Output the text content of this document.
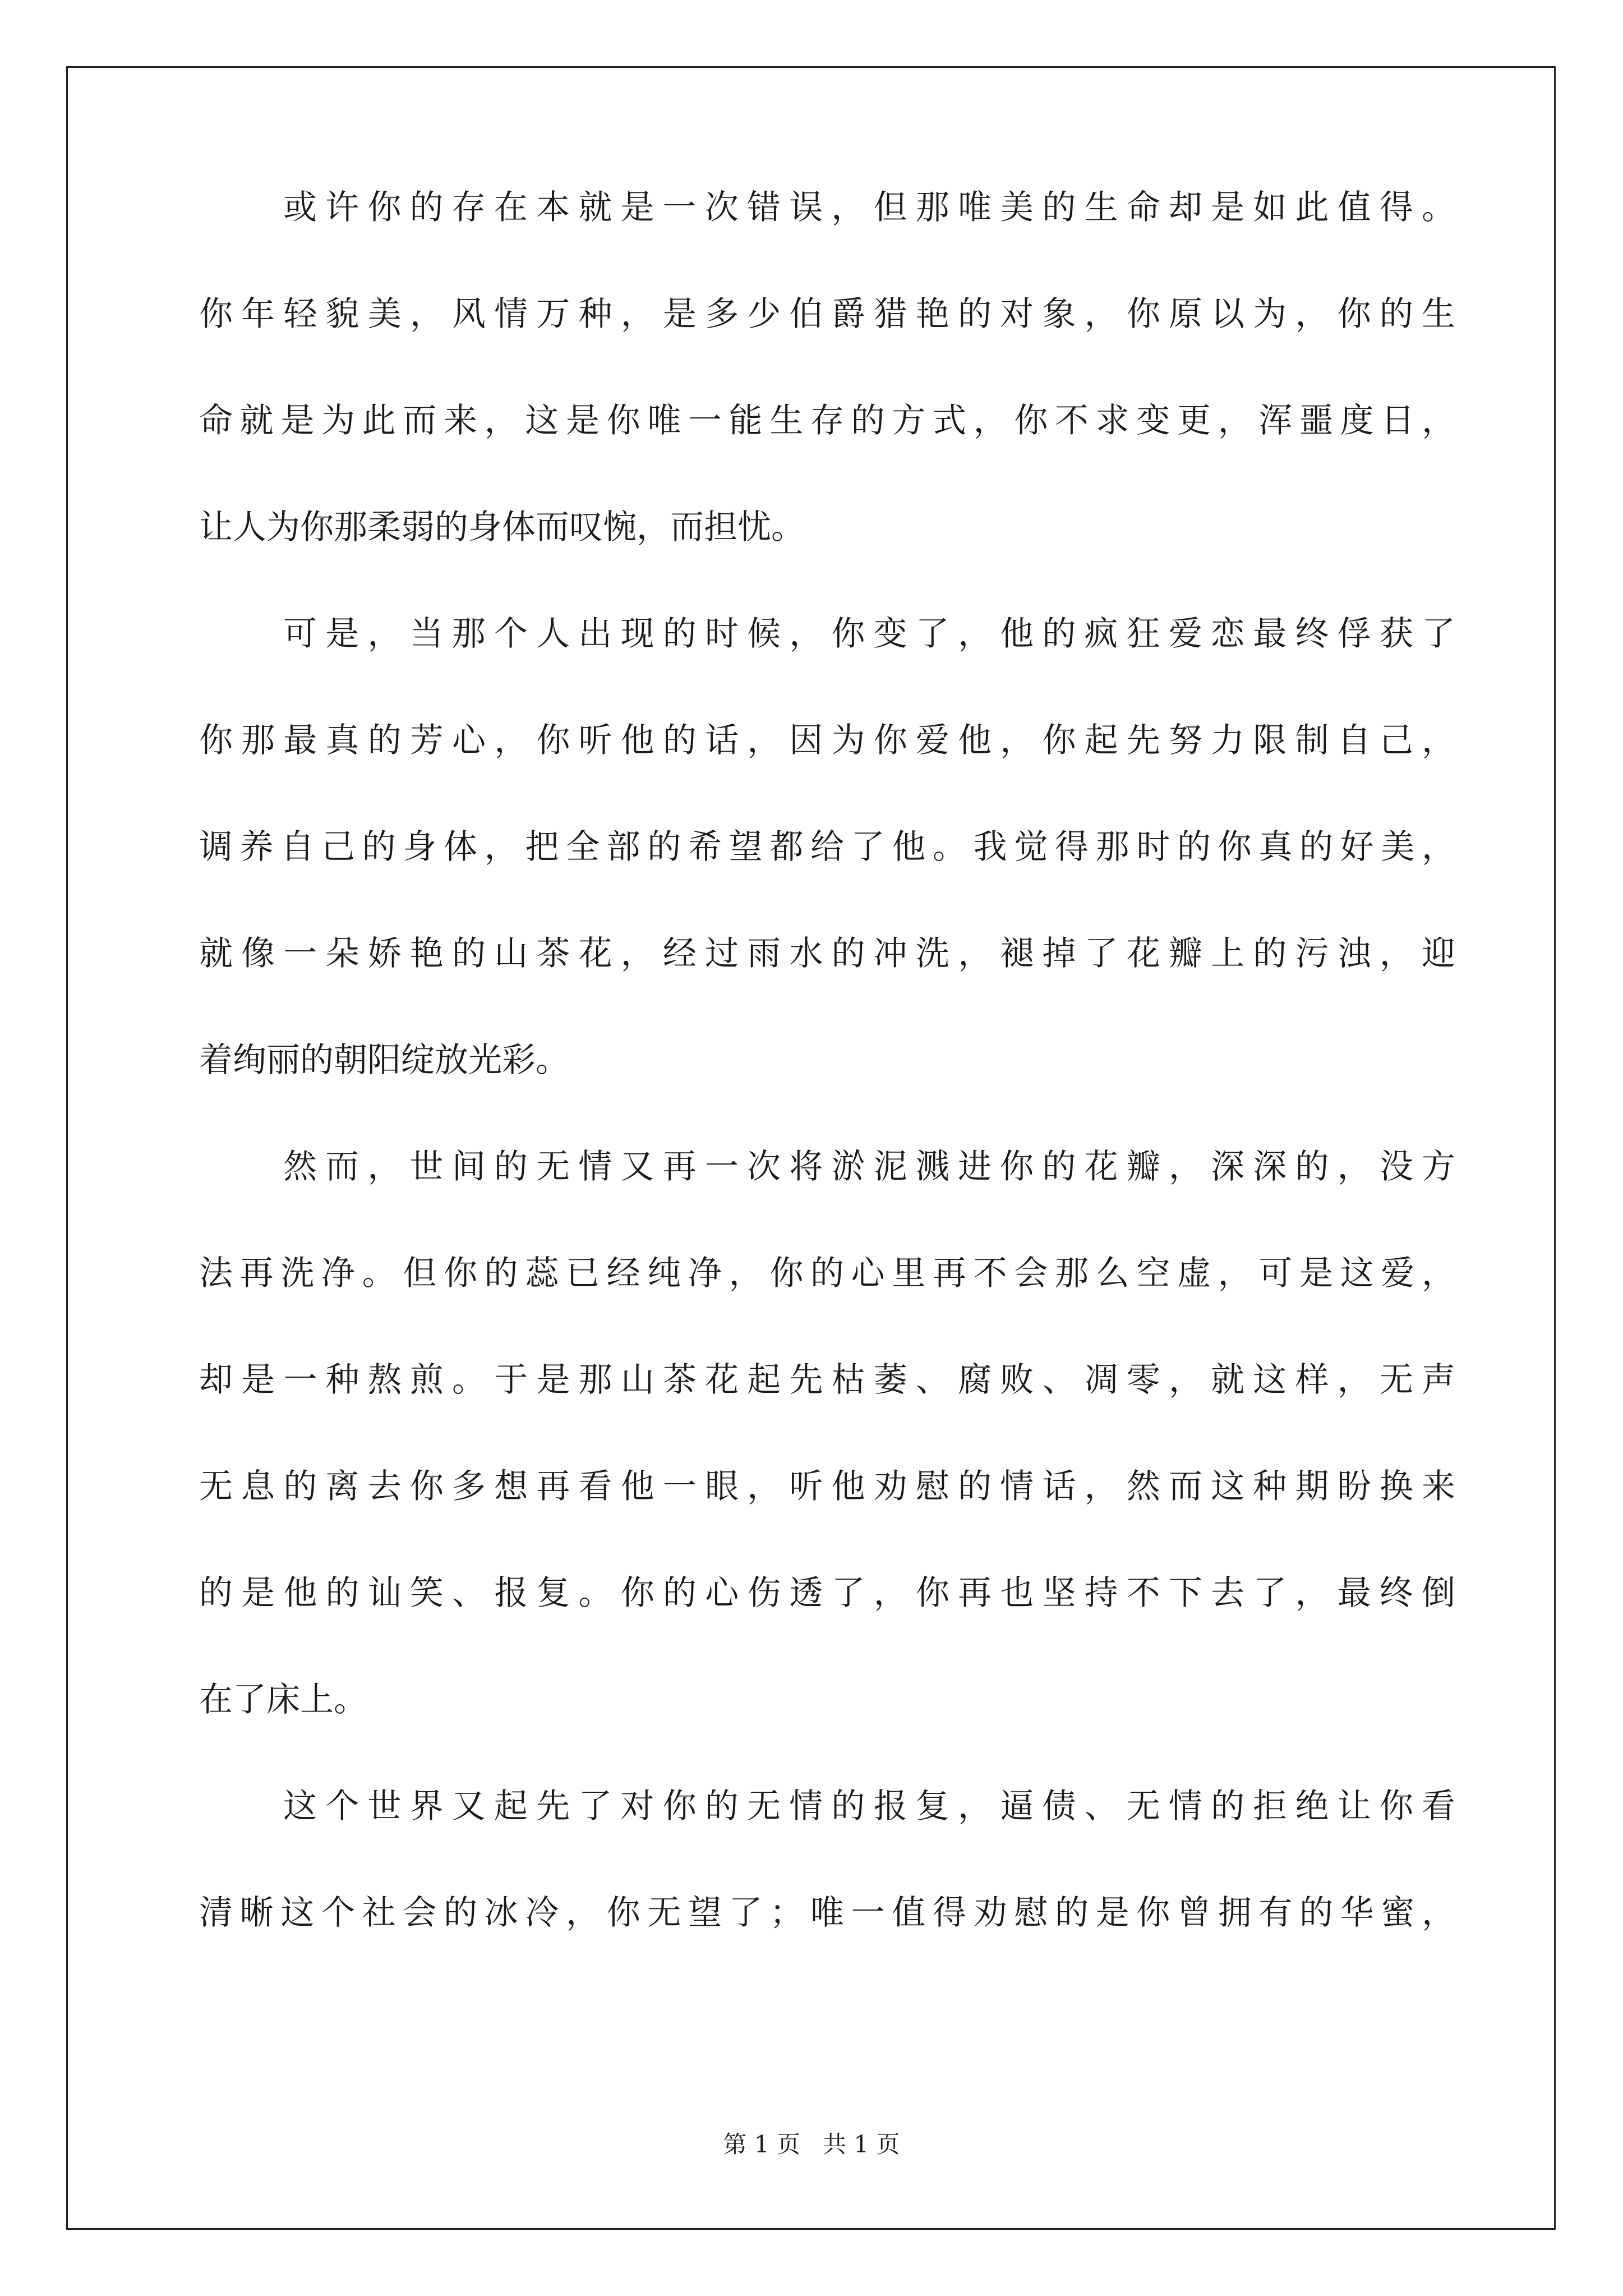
或许你的存在本就是一次错误，但那唯美的生命却是如此值得。
你年轻貌美，风情万种，是多少伯爵猎艳的对象，你原以为，你的生
命就是为此而来，这是你唯一能生存的方式，你不求变更，浑噩度日，
让人为你那柔弱的身体而叹惋，而担忧。
可是，当那个人出现的时候，你变了，他的疯狂爱恋最终俘获了
你那最真的芳心，你听他的话，因为你爱他，你起先努力限制自己，
调养自己的身体，把全部的希望都给了他。我觉得那时的你真的好美，
就像一朵娇艳的山茶花，经过雨水的冲洗，褪掉了花瓣上的污浊，迎
着绚丽的朝阳绽放光彩。
然而，世间的无情又再一次将淤泥溅进你的花瓣，深深的，没方
法再洗净。但你的蕊已经纯净，你的心里再不会那么空虚，可是这爱，
却是一种熬煎。于是那山茶花起先枯萎、腐败、凋零，就这样，无声
无息的离去你多想再看他一眼，听他劝慰的情话，然而这种期盼换来
的是他的讪笑、报复。你的心伤透了，你再也坚持不下去了，最终倒
在了床上。
这个世界又起先了对你的无情的报复，逼债、无情的拒绝让你看
清晰这个社会的冰冷，你无望了；唯一值得劝慰的是你曾拥有的华蜜，
第 1 页   共 1 页
